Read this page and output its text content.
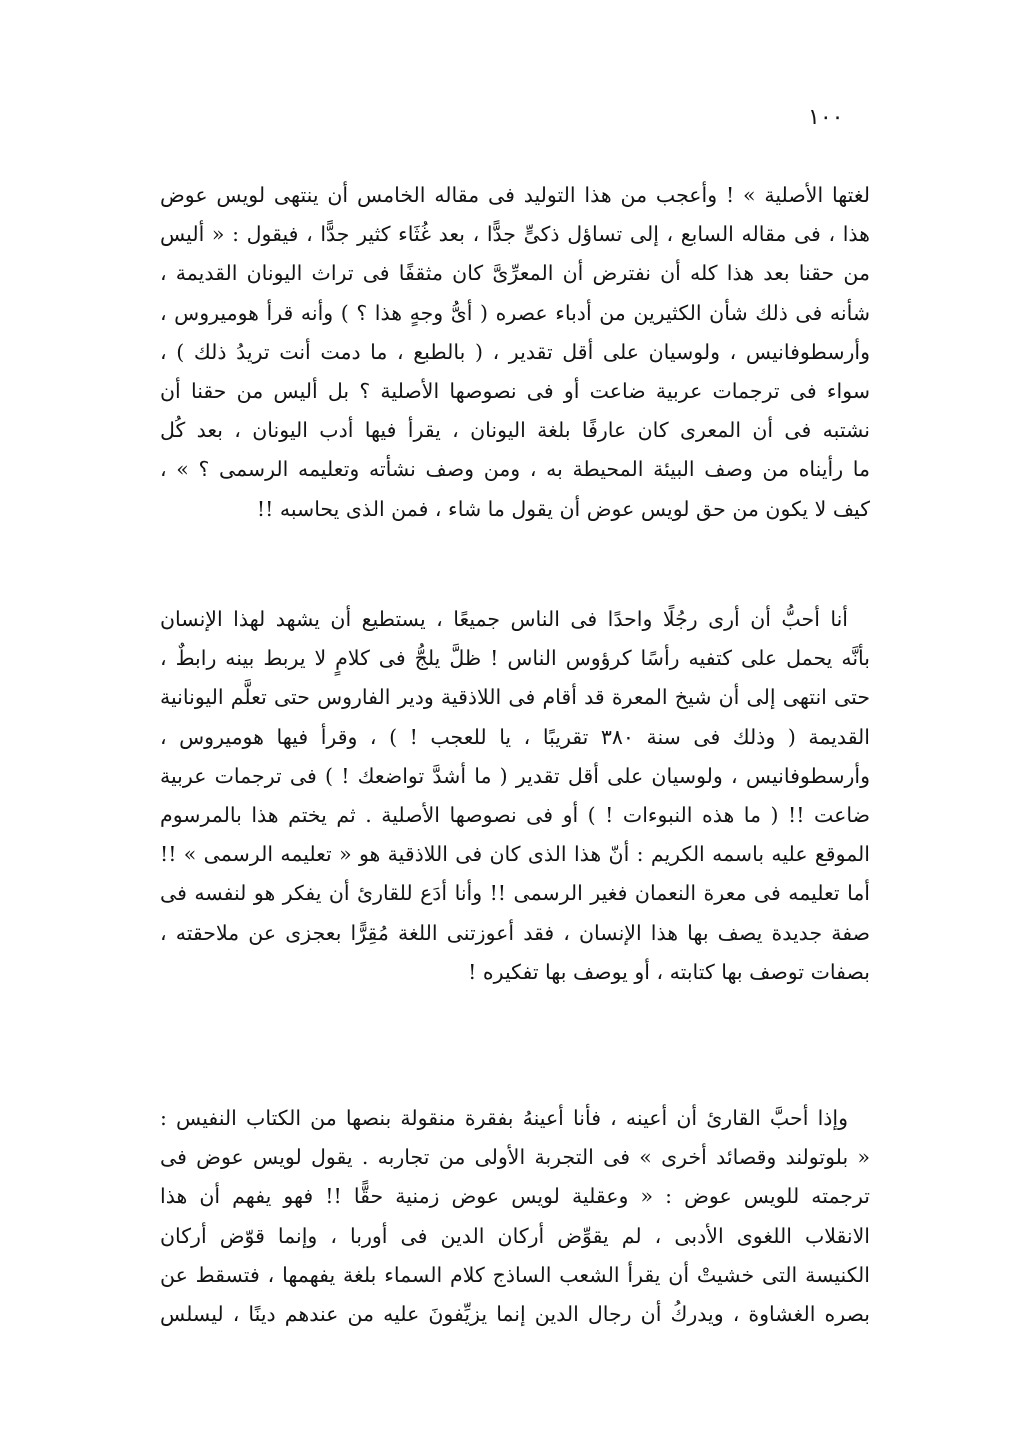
١٠٠
لغتها الأصلية » ! وأعجب من هذا التوليد فى مقاله الخامس أن ينتهى لويس عوض
هذا ، فى مقاله السابع ، إلى تساؤل ذكىٍّ جدًّا ، بعد غُثَاء كثير جدًّا ، فيقول : « أليس
من حقنا بعد هذا كله أن نفترض أن المعرِّىَّ كان مثقفًا فى تراث اليونان القديمة ،
شأنه فى ذلك شأن الكثيرين من أدباء عصره ( أىُّ وجهٍ هذا ؟ ) وأنه قرأ هوميروس ،
وأرسطوفانيس ، ولوسيان على أقل تقدير ، ( بالطبع ، ما دمت أنت تريدُ ذلك ) ،
سواء فى ترجمات عربية ضاعت أو فى نصوصها الأصلية ؟ بل أليس من حقنا أن
نشتبه فى أن المعرى كان عارفًا بلغة اليونان ، يقرأ فيها أدب اليونان ، بعد كُل
ما رأيناه من وصف البيئة المحيطة به ، ومن وصف نشأته وتعليمه الرسمى ؟ » ،
كيف لا يكون من حق لويس عوض أن يقول ما شاء ، فمن الذى يحاسبه !!
أنا أحبُّ أن أرى رجُلًا واحدًا فى الناس جميعًا ، يستطيع أن يشهد لهذا الإنسان
بأنَّه يحمل على كتفيه رأسًا كرؤوس الناس ! ظلَّ يلجُّ فى كلامٍ لا يربط بينه رابطٌ ،
حتى انتهى إلى أن شيخ المعرة قد أقام فى اللاذقية ودير الفاروس حتى تعلَّم اليونانية
القديمة ( وذلك فى سنة ٣٨٠ تقريبًا ، يا للعجب ! ) ، وقرأ فيها هوميروس ،
وأرسطوفانيس ، ولوسيان على أقل تقدير ( ما أشدَّ تواضعك ! ) فى ترجمات عربية
ضاعت !! ( ما هذه النبوءات ! ) أو فى نصوصها الأصلية . ثم يختم هذا بالمرسوم
الموقع عليه باسمه الكريم : أنّ هذا الذى كان فى اللاذقية هو « تعليمه الرسمى » !!
أما تعليمه فى معرة النعمان فغير الرسمى !! وأنا أدَع للقارئ أن يفكر هو لنفسه فى
صفة جديدة يصف بها هذا الإنسان ، فقد أعوزتنى اللغة مُقِرًّا بعجزى عن ملاحقته ،
بصفات توصف بها كتابته ، أو يوصف بها تفكيره !
وإذا أحبَّ القارئ أن أعينه ، فأنا أعينهُ بفقرة منقولة بنصها من الكتاب النفيس :
« بلوتولند وقصائد أخرى » فى التجربة الأولى من تجاربه . يقول لويس عوض فى
ترجمته للويس عوض : « وعقلية لويس عوض زمنية حقًّا !! فهو يفهم أن هذا
الانقلاب اللغوى الأدبى ، لم يقوِّض أركان الدين فى أوربا ، وإنما قوّض أركان
الكنيسة التى خشيتْ أن يقرأ الشعب الساذج كلام السماء بلغة يفهمها ، فتسقط عن
بصره الغشاوة ، ويدركُ أن رجال الدين إنما يزيِّفونَ عليه من عندهم دينًا ، ليسلس
